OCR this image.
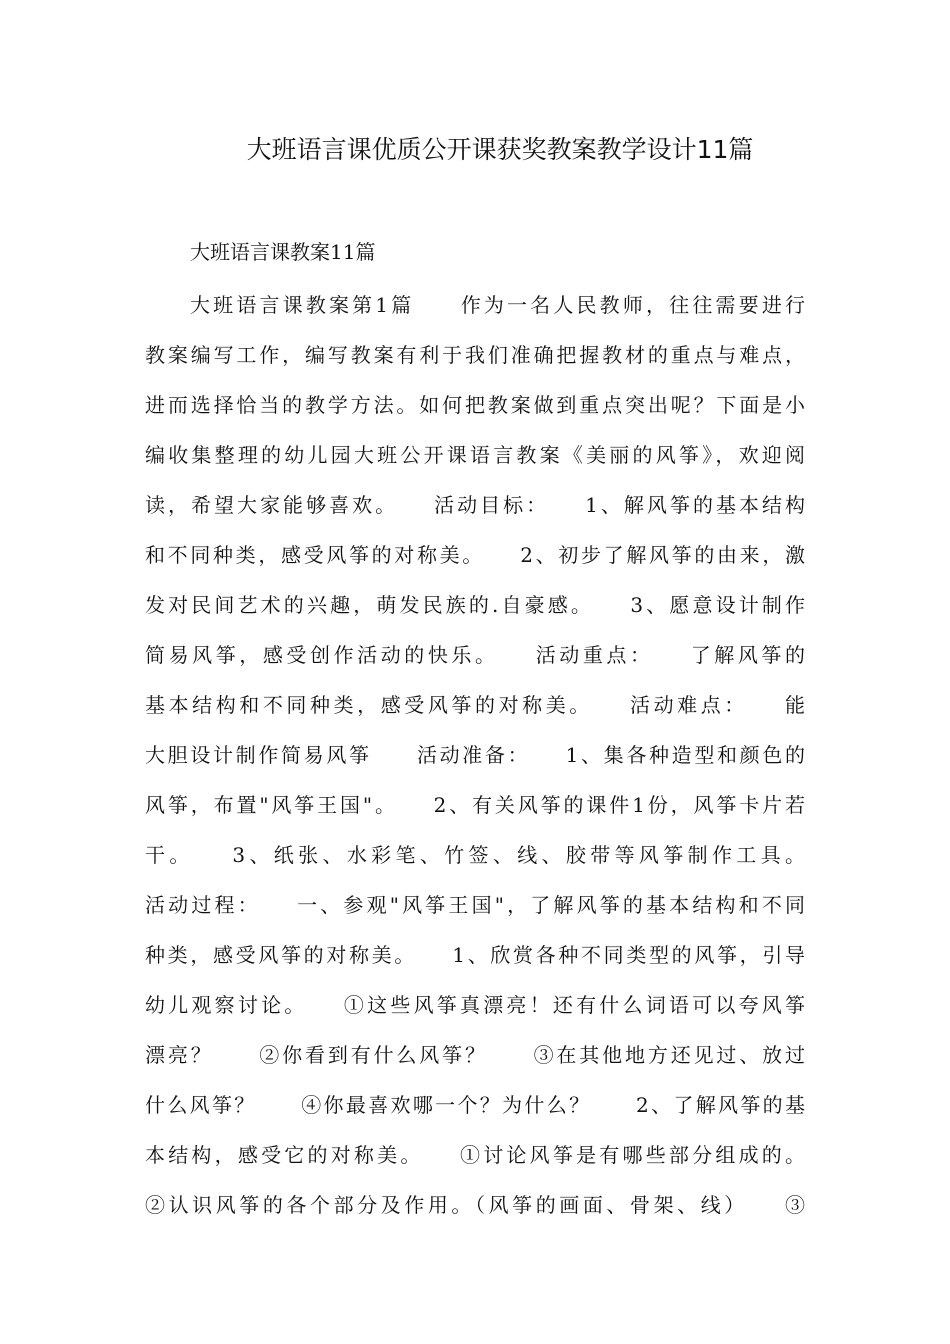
大班语言课优质公开课获奖教案教学设计11篇
大班语言课教案11篇
大班语言课教案第1篇　　作为一名人民教师，往往需要进行
教案编写工作，编写教案有利于我们准确把握教材的重点与难点，
进而选择恰当的教学方法。如何把教案做到重点突出呢？下面是小
编收集整理的幼儿园大班公开课语言教案《美丽的风筝》，欢迎阅
读，希望大家能够喜欢。　　活动目标：　　1、解风筝的基本结构
和不同种类，感受风筝的对称美。　　2、初步了解风筝的由来，激
发对民间艺术的兴趣，萌发民族的.自豪感。　　3、愿意设计制作
简易风筝，感受创作活动的快乐。　　活动重点：　　了解风筝的
基本结构和不同种类，感受风筝的对称美。　　活动难点：　　能
大胆设计制作简易风筝　　活动准备：　　1、集各种造型和颜色的
风筝，布置"风筝王国"。　　2、有关风筝的课件1份，风筝卡片若
干。　　3、纸张、水彩笔、竹签、线、胶带等风筝制作工具。
活动过程：　　一、参观"风筝王国"，了解风筝的基本结构和不同
种类，感受风筝的对称美。　　1、欣赏各种不同类型的风筝，引导
幼儿观察讨论。　　①这些风筝真漂亮！还有什么词语可以夸风筝
漂亮？　　②你看到有什么风筝？　　③在其他地方还见过、放过
什么风筝？　　④你最喜欢哪一个？为什么？　　2、了解风筝的基
本结构，感受它的对称美。　　①讨论风筝是有哪些部分组成的。
②认识风筝的各个部分及作用。（风筝的画面、骨架、线）　　③
